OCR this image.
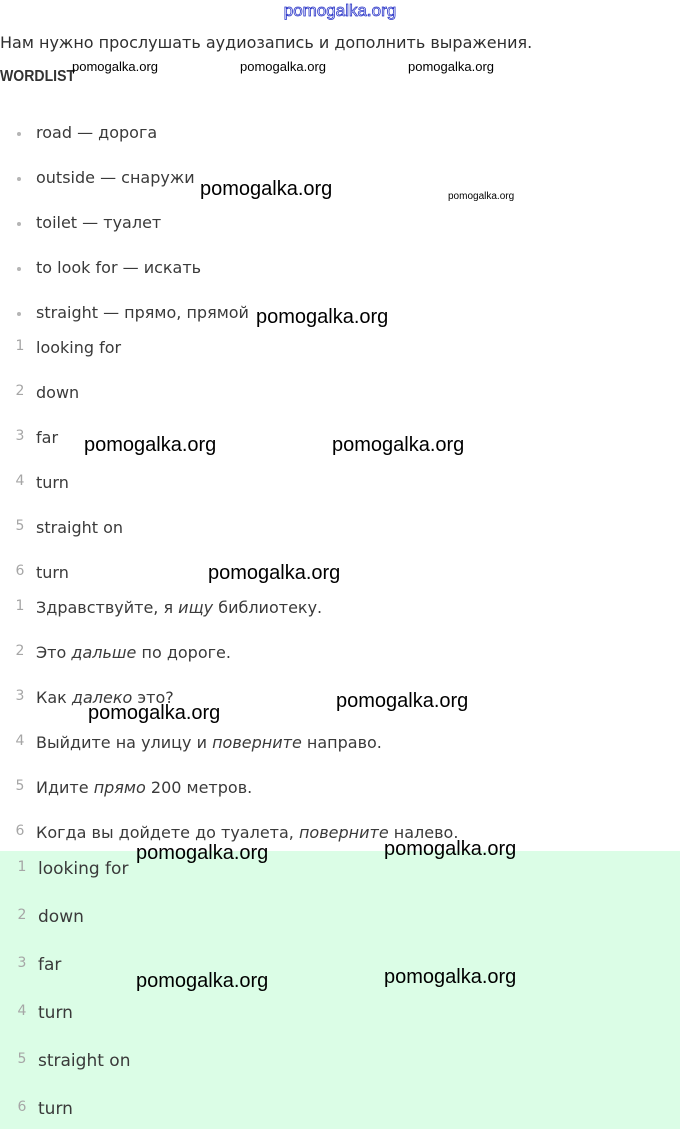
pomogalka.org
Нам нужно прослушать аудиозапись и дополнить выражения.
WORDLIST
road — дорога
outside — снаружи
toilet — туалет
to look for — искать
straight — прямо, прямой
1 looking for
2 down
3 far
4 turn
5 straight on
6 turn
1 Здравствуйте, я ищу библиотеку.
2 Это дальше по дороге.
3 Как далеко это?
4 Выйдите на улицу и поверните направо.
5 Идите прямо 200 метров.
6 Когда вы дойдете до туалета, поверните налево.
1 looking for
2 down
3 far
4 turn
5 straight on
6 turn
pomogalka.org	pomogalka.org	pomogalka.org
pomogalka.org	pomogalka.org
pomogalka.org
pomogalka.org	pomogalka.org
pomogalka.org
pomogalka.org
pomogalka.org
pomogalka.org	pomogalka.org
pomogalka.org	pomogalka.org
